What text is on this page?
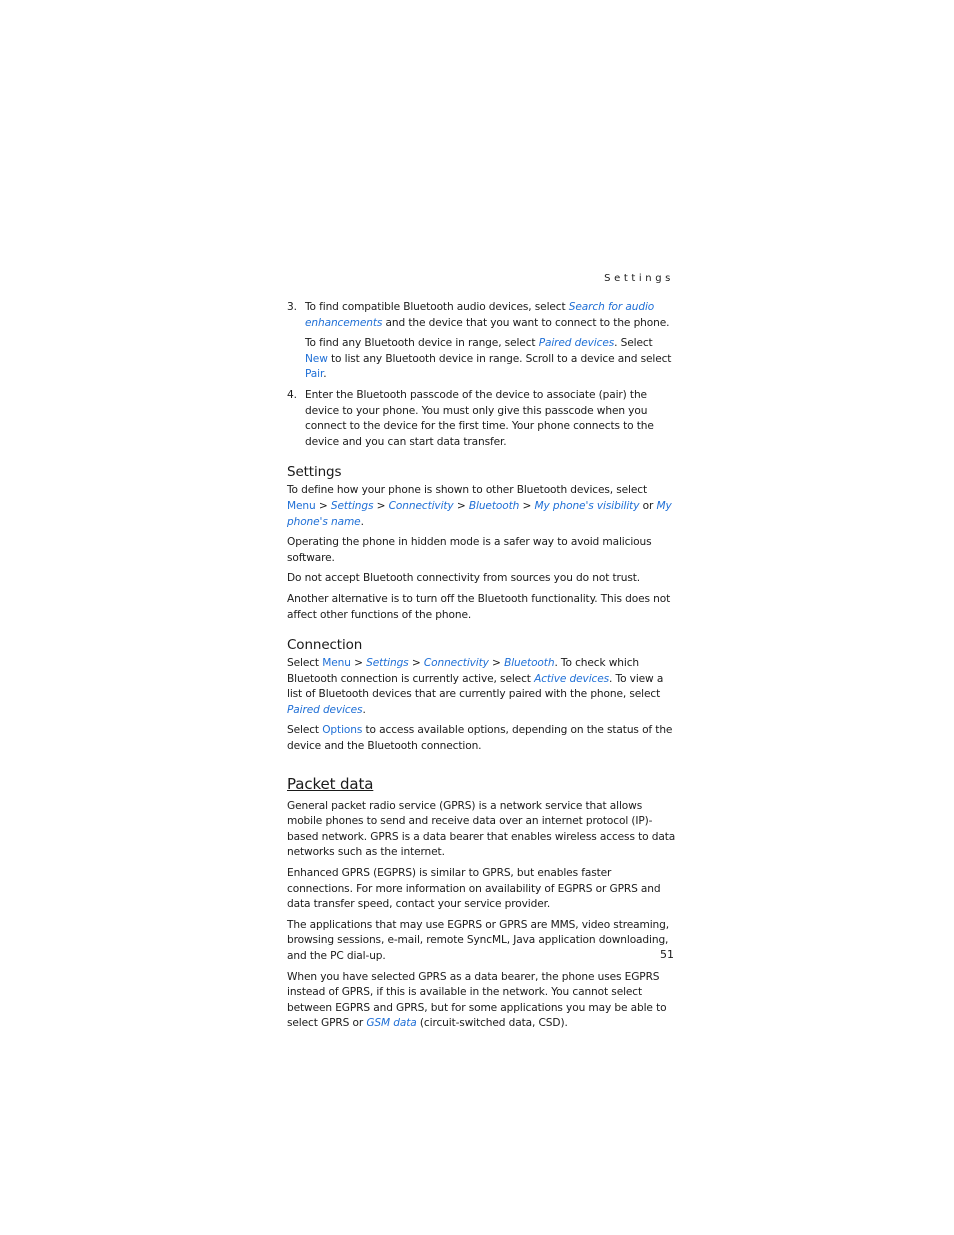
Settings
3. To find compatible Bluetooth audio devices, select Search for audio enhancements and the device that you want to connect to the phone.
To find any Bluetooth device in range, select Paired devices. Select New to list any Bluetooth device in range. Scroll to a device and select Pair.
4. Enter the Bluetooth passcode of the device to associate (pair) the device to your phone. You must only give this passcode when you connect to the device for the first time. Your phone connects to the device and you can start data transfer.
Settings

To define how your phone is shown to other Bluetooth devices, select Menu > Settings > Connectivity > Bluetooth > My phone's visibility or My phone's name.

Operating the phone in hidden mode is a safer way to avoid malicious software.

Do not accept Bluetooth connectivity from sources you do not trust.

Another alternative is to turn off the Bluetooth functionality. This does not affect other functions of the phone.

Connection

Select Menu > Settings > Connectivity > Bluetooth. To check which Bluetooth connection is currently active, select Active devices. To view a list of Bluetooth devices that are currently paired with the phone, select Paired devices.

Select Options to access available options, depending on the status of the device and the Bluetooth connection.

Packet data

General packet radio service (GPRS) is a network service that allows mobile phones to send and receive data over an internet protocol (IP)-based network. GPRS is a data bearer that enables wireless access to data networks such as the internet.

Enhanced GPRS (EGPRS) is similar to GPRS, but enables faster connections. For more information on availability of EGPRS or GPRS and data transfer speed, contact your service provider.

The applications that may use EGPRS or GPRS are MMS, video streaming, browsing sessions, e-mail, remote SyncML, Java application downloading, and the PC dial-up.

When you have selected GPRS as a data bearer, the phone uses EGPRS instead of GPRS, if this is available in the network. You cannot select between EGPRS and GPRS, but for some applications you may be able to select GPRS or GSM data (circuit-switched data, CSD).

51
